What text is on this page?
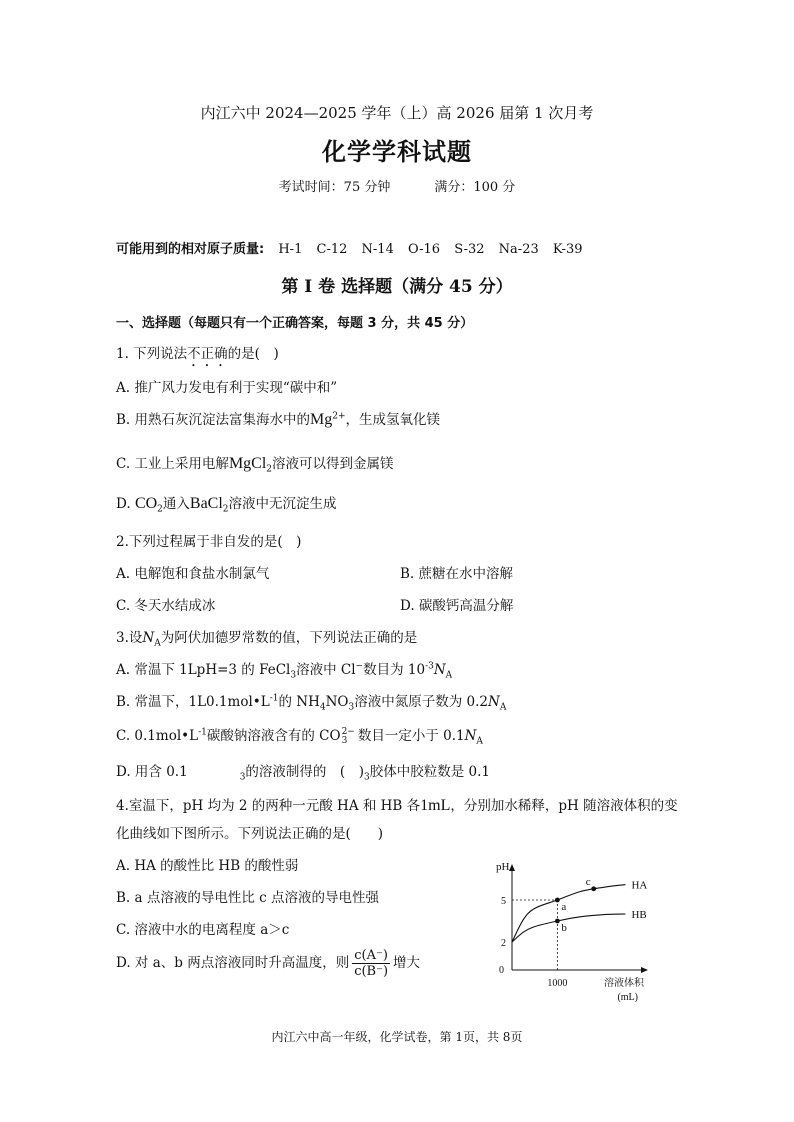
内江六中 2024—2025 学年（上）高 2026 届第 1 次月考
化学学科试题
考试时间：75 分钟	满分：100 分
可能用到的相对原子质量: H-1 C-12 N-14 O-16 S-32 Na-23 K-39
第 Ⅰ 卷 选择题（满分 45 分）
一、选择题（每题只有一个正确答案，每题 3 分，共 45 分）
1. 下列说法不正确的是(　)
A. 推广风力发电有利于实现“碳中和”
B. 用熟石灰沉淀法富集海水中的$Mg^{2+}$，生成氢氧化镁
C. 工业上采用电解MgCl$_2$溶液可以得到金属镁
D. $CO_2$通入BaCl$_2$溶液中无沉淀生成
2.下列过程属于非自发的是(　)
A. 电解饱和食盐水制氯气	B. 蔗糖在水中溶解
C. 冬天水结成冰	D. 碳酸钙高温分解
3.设$N_A$为阿伏加德罗常数的值，下列说法正确的是
A. 常温下 1LpH=3 的 FeCl$_3$溶液中 Cl−数目为 $10^{-3}N_A$
B. 常温下，$1L0.1mol•L^{-1}$的 $NH_4NO_3$溶液中氮原子数为 $0.2N_A$
C. $0.1mol•L^{-1}$碳酸钠溶液含有的 CO 2−
3 数目一定小于 $0.1N_A$
D. 用含 0.1	$_3$的溶液制得的　(　)$_3$胶体中胶粒数是 0.1
4.室温下，pH 均为 2 的两种一元酸 HA 和 HB 各1mL，分别加水稀释，pH 随溶液体积的变
化曲线如下图所示。下列说法正确的是(　　)
A. HA 的酸性比 HB 的酸性弱
B. a 点溶液的导电性比 c 点溶液的导电性强
C. 溶液中水的电离程度 a＞c
D. 对 a、b 两点溶液同时升高温度，则 $\frac{c(A^-)}{c(B^-)}$ 增大
pH
0
2
5
1000	溶液体积
(mL)
HA
HB
a
b
c
内江六中高一年级，化学试卷，第 1页，共 8页
